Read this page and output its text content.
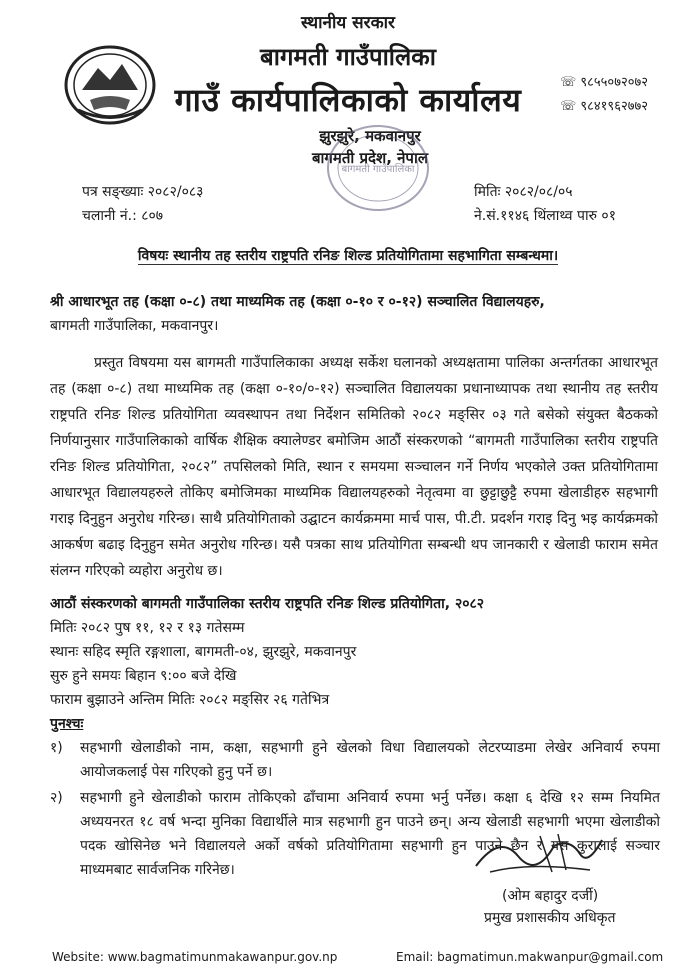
स्थानीय सरकार
बागमती गाउँपालिका
गाउँ कार्यपालिकाको कार्यालय
झुरझुरे, मकवानपुर
बागमती प्रदेश, नेपाल
☏ ९८५५०७२०७२
☏ ९८४१९६२७७२
बागमती गाउँपालिका
पत्र सङ्ख्याः २०८२/०८३
चलानी नं.: ८०७
मितिः २०८२/०८/०५
ने.सं.११४६ थिंलाथ्व पारु ०१
विषयः स्थानीय तह स्तरीय राष्ट्रपति रनिङ शिल्ड प्रतियोगितामा सहभागिता सम्बन्धमा।
श्री आधारभूत तह (कक्षा ०-८) तथा माध्यमिक तह (कक्षा ०-१० र ०-१२) सञ्चालित विद्यालयहरु,
बागमती गाउँपालिका, मकवानपुर।

प्रस्तुत विषयमा यस बागमती गाउँपालिकाका अध्यक्ष सर्केश घलानको अध्यक्षतामा पालिका अन्तर्गतका आधारभूत तह (कक्षा ०-८) तथा माध्यमिक तह (कक्षा ०-१०/०-१२) सञ्चालित विद्यालयका प्रधानाध्यापक तथा स्थानीय तह स्तरीय राष्ट्रपति रनिङ शिल्ड प्रतियोगिता व्यवस्थापन तथा निर्देशन समितिको २०८२ मङ्सिर ०३ गते बसेको संयुक्त बैठकको निर्णयानुसार गाउँपालिकाको वार्षिक शैक्षिक क्यालेण्डर बमोजिम आठौं संस्करणको “बागमती गाउँपालिका स्तरीय राष्ट्रपति रनिङ शिल्ड प्रतियोगिता, २०८२” तपसिलको मिति, स्थान र समयमा सञ्चालन गर्ने निर्णय भएकोले उक्त प्रतियोगितामा आधारभूत विद्यालयहरुले तोकिए बमोजिमका माध्यमिक विद्यालयहरुको नेतृत्वमा वा छुट्टाछुट्टै रुपमा खेलाडीहरु सहभागी गराइ दिनुहुन अनुरोध गरिन्छ। साथै प्रतियोगिताको उद्घाटन कार्यक्रममा मार्च पास, पी.टी. प्रदर्शन गराइ दिनु भइ कार्यक्रमको आकर्षण बढाइ दिनुहुन समेत अनुरोध गरिन्छ। यसै पत्रका साथ प्रतियोगिता सम्बन्धी थप जानकारी र खेलाडी फाराम समेत संलग्न गरिएको व्यहोरा अनुरोध छ।

आठौं संस्करणको बागमती गाउँपालिका स्तरीय राष्ट्रपति रनिङ शिल्ड प्रतियोगिता, २०८२
मितिः २०८२ पुष ११, १२ र १३ गतेसम्म
स्थानः सहिद स्मृति रङ्गशाला, बागमती-०४, झुरझुरे, मकवानपुर
सुरु हुने समयः बिहान ९:०० बजे देखि
फाराम बुझाउने अन्तिम मितिः २०८२ मङ्सिर २६ गतेभित्र
पुनश्चः
१)	सहभागी खेलाडीको नाम, कक्षा, सहभागी हुने खेलको विधा विद्यालयको लेटरप्याडमा लेखेर अनिवार्य रुपमा आयोजकलाई पेस गरिएको हुनु पर्ने छ।
२)	सहभागी हुने खेलाडीको फाराम तोकिएको ढाँचामा अनिवार्य रुपमा भर्नु पर्नेछ। कक्षा ६ देखि १२ सम्म नियमित अध्ययनरत १८ वर्ष भन्दा मुनिका विद्यार्थीले मात्र सहभागी हुन पाउने छन्। अन्य खेलाडी सहभागी भएमा खेलाडीको पदक खोसिनेछ भने विद्यालयले अर्को वर्षको प्रतियोगितामा सहभागी हुन पाउने छैन र यस कुरालाई सञ्चार माध्यमबाट सार्वजनिक गरिनेछ।
(ओम बहादुर दर्जी)
प्रमुख प्रशासकीय अधिकृत
Website: www.bagmatimunmakawanpur.gov.np	Email: bagmatimun.makwanpur@gmail.com
